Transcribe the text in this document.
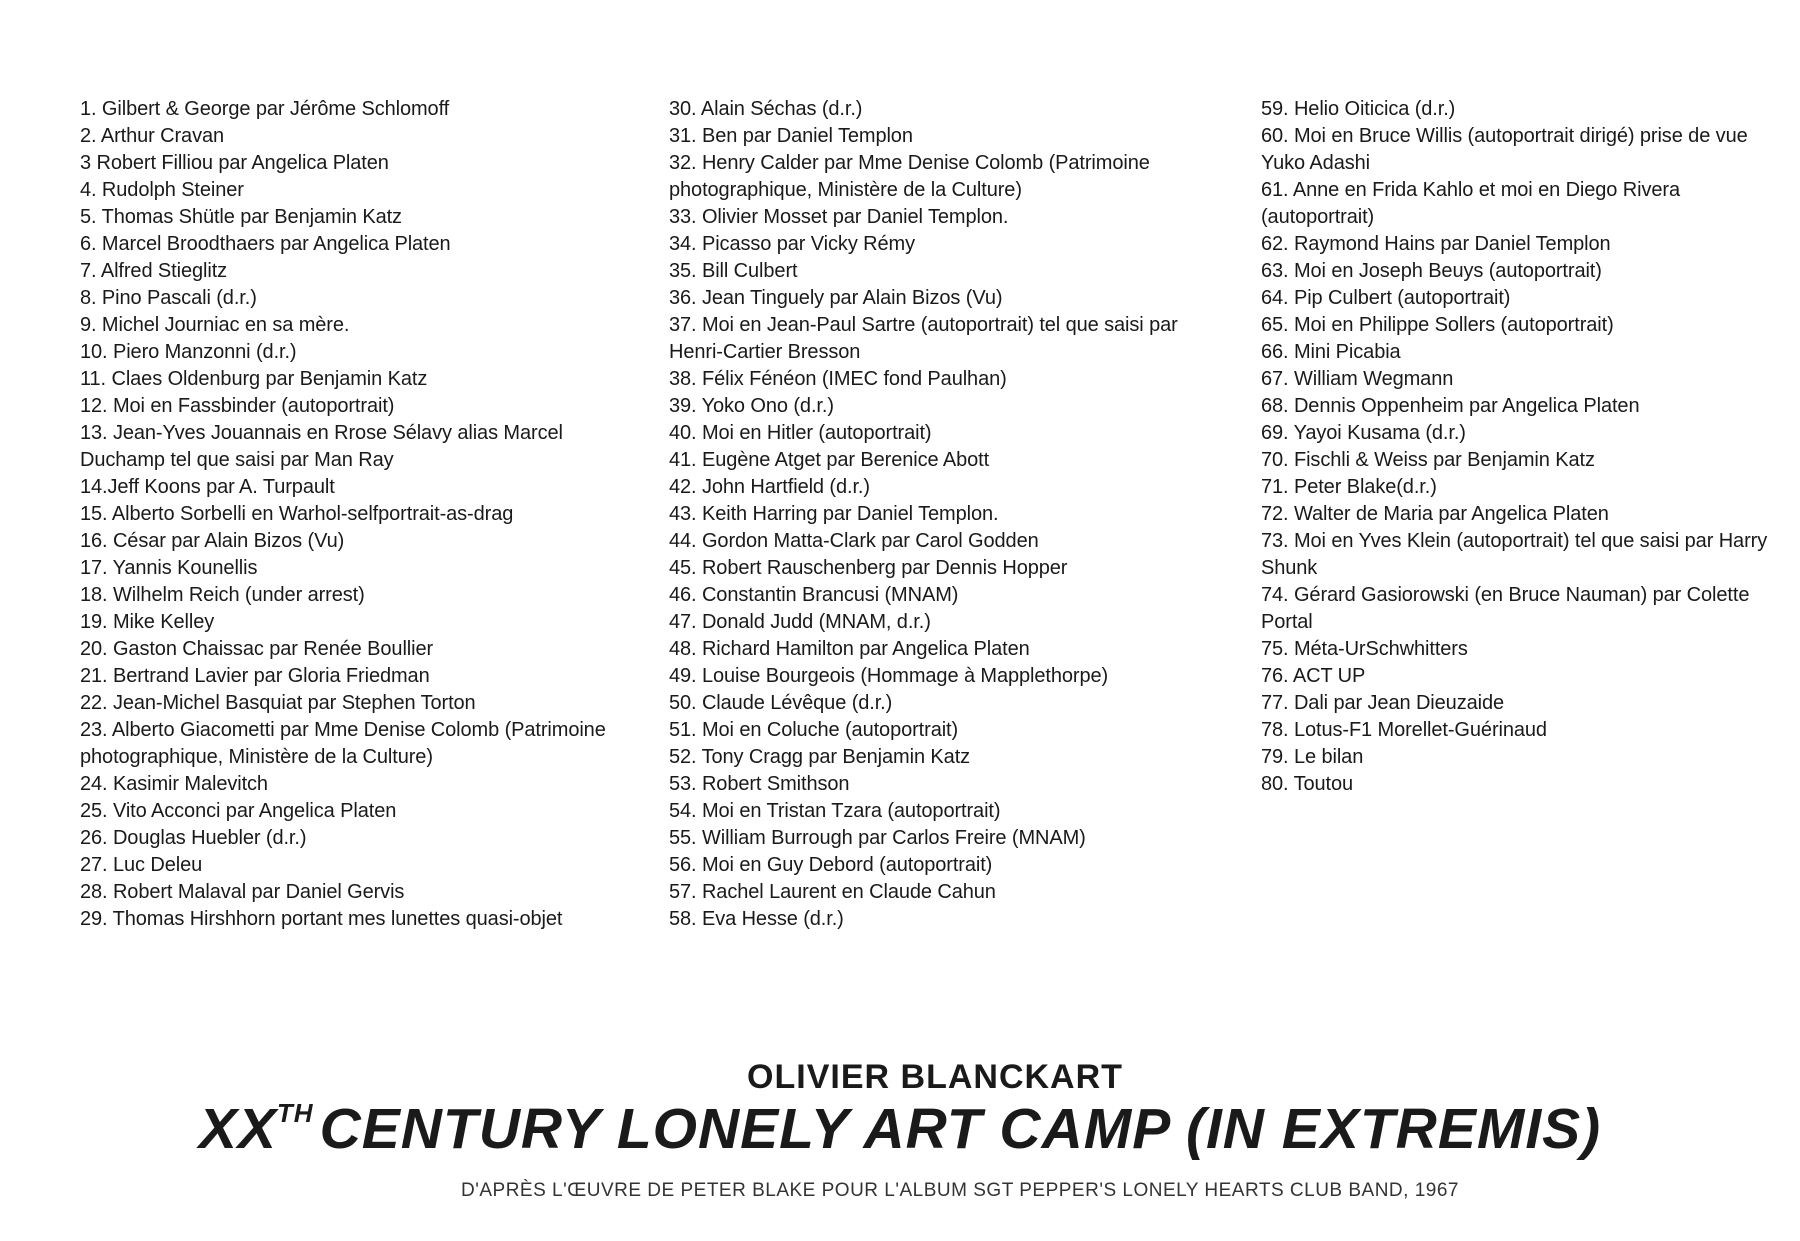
1. Gilbert & George par Jérôme Schlomoff
2. Arthur Cravan
3 Robert Filliou par Angelica Platen
4. Rudolph Steiner
5. Thomas Shütle par Benjamin Katz
6. Marcel Broodthaers par Angelica Platen
7. Alfred Stieglitz
8. Pino Pascali (d.r.)
9. Michel Journiac en sa mère.
10. Piero Manzonni (d.r.)
11. Claes Oldenburg par Benjamin Katz
12. Moi en Fassbinder (autoportrait)
13. Jean-Yves Jouannais en Rrose Sélavy alias Marcel Duchamp tel que saisi par Man Ray
14.Jeff Koons par A. Turpault
15. Alberto Sorbelli en Warhol-selfportrait-as-drag
16. César par Alain Bizos (Vu)
17. Yannis Kounellis
18. Wilhelm Reich (under arrest)
19. Mike Kelley
20. Gaston Chaissac par Renée Boullier
21. Bertrand Lavier par Gloria Friedman
22. Jean-Michel Basquiat par Stephen Torton
23. Alberto Giacometti par Mme Denise Colomb (Patrimoine photographique, Ministère de la Culture)
24. Kasimir Malevitch
25. Vito Acconci par Angelica Platen
26. Douglas Huebler (d.r.)
27. Luc Deleu
28. Robert Malaval par Daniel Gervis
29. Thomas Hirshhorn portant mes lunettes quasi-objet
30. Alain Séchas (d.r.)
31. Ben par Daniel Templon
32. Henry Calder par Mme Denise Colomb (Patrimoine photographique, Ministère de la Culture)
33. Olivier Mosset par Daniel Templon.
34. Picasso par Vicky Rémy
35. Bill Culbert
36. Jean Tinguely par Alain Bizos (Vu)
37. Moi en Jean-Paul Sartre (autoportrait) tel que saisi par Henri-Cartier Bresson
38. Félix Fénéon (IMEC fond Paulhan)
39. Yoko Ono (d.r.)
40. Moi en Hitler (autoportrait)
41. Eugène Atget par Berenice Abott
42. John Hartfield (d.r.)
43. Keith Harring par Daniel Templon.
44. Gordon Matta-Clark par Carol Godden
45. Robert Rauschenberg par Dennis Hopper
46. Constantin Brancusi (MNAM)
47. Donald Judd (MNAM, d.r.)
48. Richard Hamilton par Angelica Platen
49. Louise Bourgeois (Hommage à Mapplethorpe)
50. Claude Lévêque (d.r.)
51. Moi en Coluche (autoportrait)
52. Tony Cragg par Benjamin Katz
53. Robert Smithson
54. Moi en Tristan Tzara (autoportrait)
55. William Burrough par Carlos Freire (MNAM)
56. Moi en Guy Debord (autoportrait)
57. Rachel Laurent en Claude Cahun
58. Eva Hesse (d.r.)
59. Helio Oiticica (d.r.)
60. Moi en Bruce Willis (autoportrait dirigé) prise de vue Yuko Adashi
61. Anne en Frida Kahlo et moi en Diego Rivera (autoportrait)
62. Raymond Hains par Daniel Templon
63. Moi en Joseph Beuys (autoportrait)
64. Pip Culbert (autoportrait)
65. Moi en Philippe Sollers (autoportrait)
66. Mini Picabia
67. William Wegmann
68. Dennis Oppenheim par Angelica Platen
69. Yayoi Kusama (d.r.)
70. Fischli & Weiss par Benjamin Katz
71. Peter Blake(d.r.)
72. Walter de Maria par Angelica Platen
73. Moi en Yves Klein (autoportrait) tel que saisi par Harry Shunk
74. Gérard Gasiorowski (en Bruce Nauman) par Colette Portal
75. Méta-UrSchwhitters
76. ACT UP
77. Dali par Jean Dieuzaide
78. Lotus-F1 Morellet-Guérinaud
79. Le bilan
80. Toutou
OLIVIER BLANCKART
XXTH CENTURY LONELY ART CAMP (IN EXTREMIS)
D'APRÈS L'ŒUVRE DE PETER BLAKE POUR L'ALBUM SGT PEPPER'S LONELY HEARTS CLUB BAND, 1967
